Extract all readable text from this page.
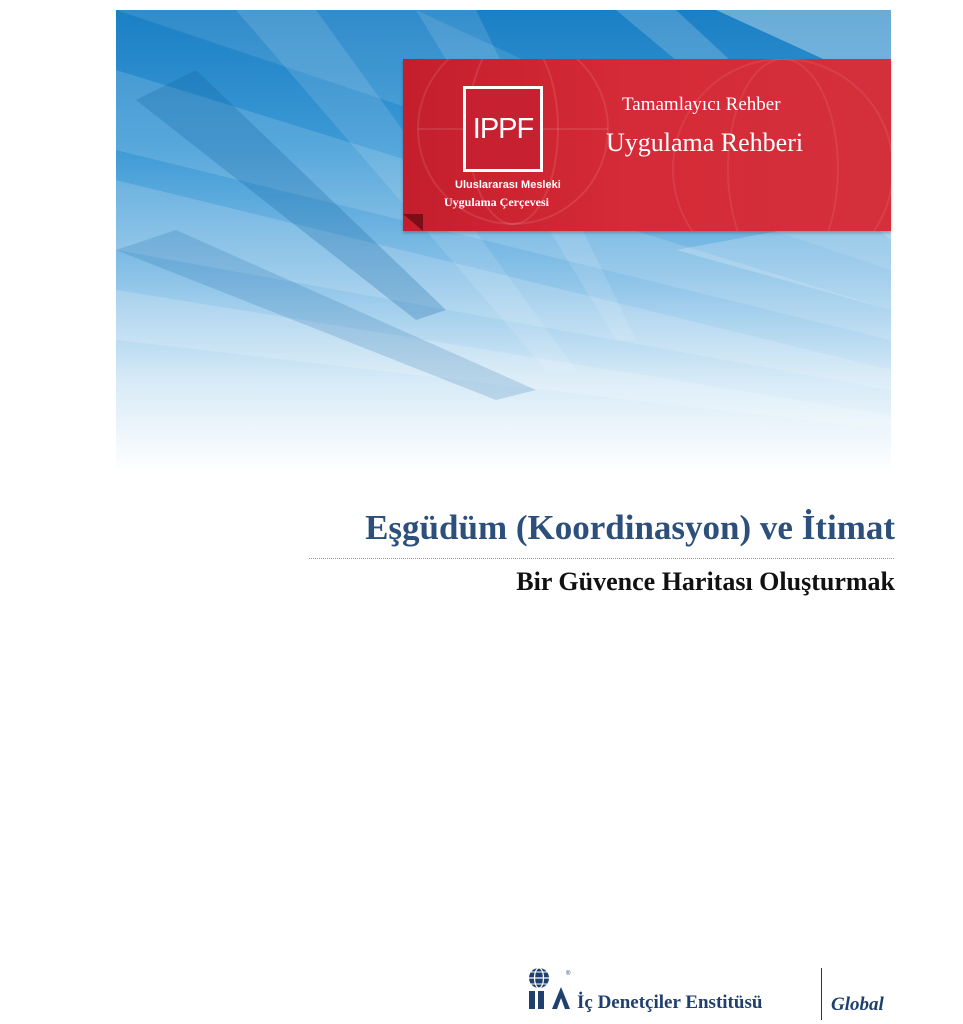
IPPF
Uluslararası Mesleki
Uygulama Çerçevesi
Tamamlayıcı Rehber
Uygulama Rehberi
Eşgüdüm (Koordinasyon) ve İtimat
Bir Güvence Haritası Oluşturmak
®
IIA
İç Denetçiler Enstitüsü	Global
